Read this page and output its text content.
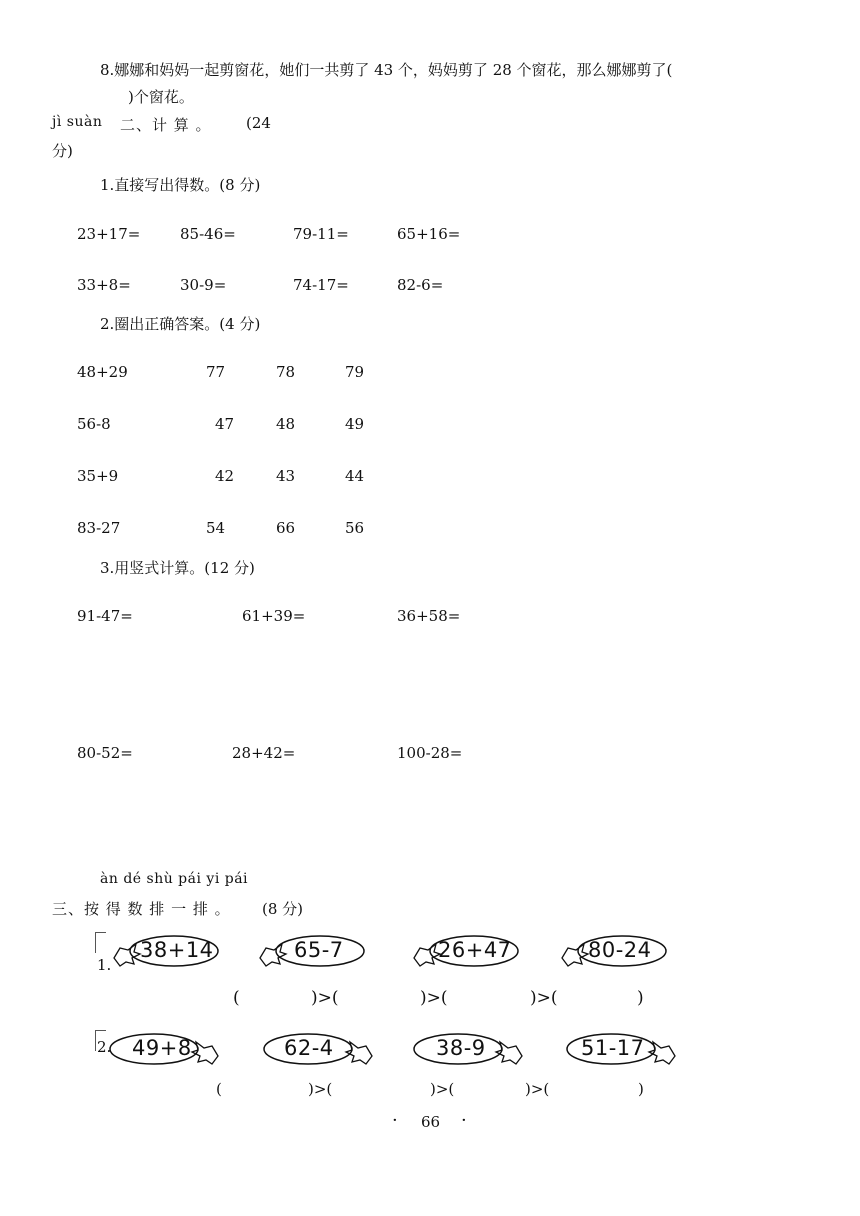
8.娜娜和妈妈一起剪窗花，她们一共剪了 43 个，妈妈剪了 28 个窗花，那么娜娜剪了(
)个窗花。
jì suàn 二、计 算 。 (24
分)
1.直接写出得数。(8 分)
23+17=	85-46=	79-11=	65+16=
33+8=	30-9=	74-17=	82-6=
2.圈出正确答案。(4 分)
48+29	77	78	79
56-8	47	48	49
35+9	42	43	44
83-27	54	66	56
3.用竖式计算。(12 分)
91-47=	61+39=	36+58=
80-52=	28+42=	100-28=
àn dé shù pái yi pái
三、按 得 数 排 一 排 。 (8 分)
1.
38+14	65-7	26+47	80-24
(	)>(	)>(	)>(	)
2. 49+8	62-4	38-9	51-17
(	)>(	)>(	)>(	)
· 66 ·
